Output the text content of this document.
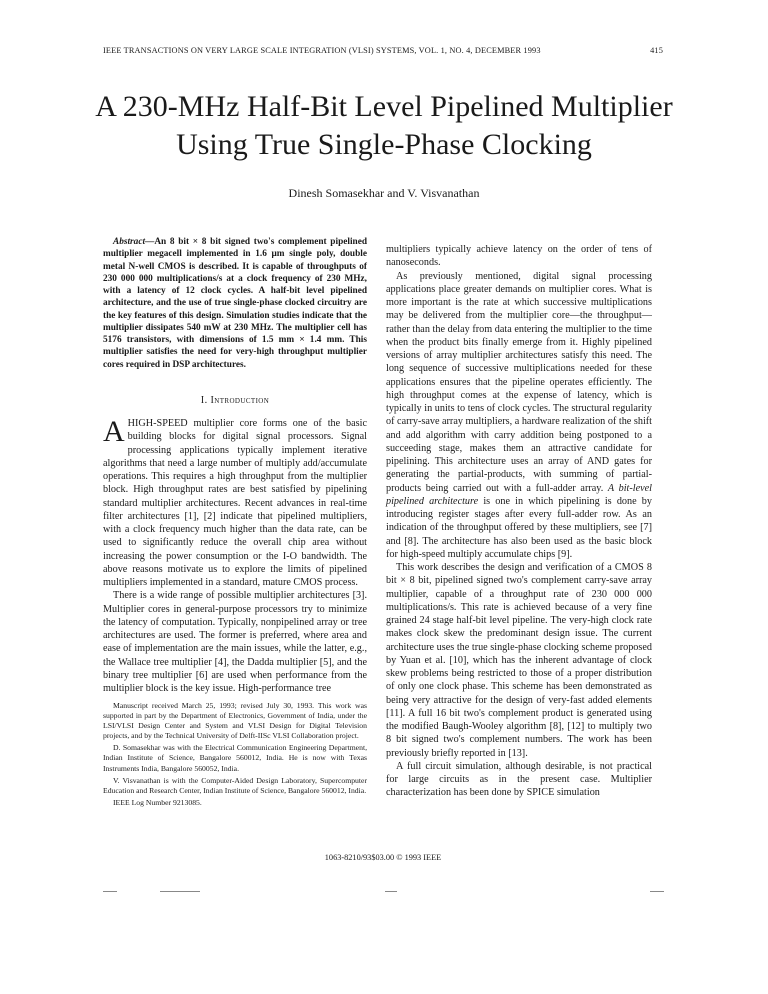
IEEE TRANSACTIONS ON VERY LARGE SCALE INTEGRATION (VLSI) SYSTEMS, VOL. 1, NO. 4, DECEMBER 1993	415
A 230-MHz Half-Bit Level Pipelined Multiplier
Using True Single-Phase Clocking
Dinesh Somasekhar and V. Visvanathan

Abstract—An 8 bit × 8 bit signed two's complement pipelined multiplier megacell implemented in 1.6 μm single poly, double metal N-well CMOS is described. It is capable of throughputs of 230 000 000 multiplications/s at a clock frequency of 230 MHz, with a latency of 12 clock cycles. A half-bit level pipelined architecture, and the use of true single-phase clocked circuitry are the key features of this design. Simulation studies indicate that the multiplier dissipates 540 mW at 230 MHz. The multiplier cell has 5176 transistors, with dimensions of 1.5 mm × 1.4 mm. This multiplier satisfies the need for very-high throughput multiplier cores required in DSP architectures.

I. Introduction

AHIGH-SPEED multiplier core forms one of the basic building blocks for digital signal processors. Signal processing applications typically implement iterative algorithms that need a large number of multiply add/accumulate operations. This requires a high throughput from the multiplier block. High throughput rates are best satisfied by pipelining standard multiplier architectures. Recent advances in real-time filter architectures [1], [2] indicate that pipelined multipliers, with a clock frequency much higher than the data rate, can be used to significantly reduce the overall chip area without increasing the power consumption or the I-O bandwidth. The above reasons motivate us to explore the limits of pipelined multipliers implemented in a standard, mature CMOS process.

There is a wide range of possible multiplier architectures [3]. Multiplier cores in general-purpose processors try to minimize the latency of computation. Typically, nonpipelined array or tree architectures are used. The former is preferred, where area and ease of implementation are the main issues, while the latter, e.g., the Wallace tree multiplier [4], the Dadda multiplier [5], and the binary tree multiplier [6] are used when performance from the multiplier block is the key issue. High-performance tree

Manuscript received March 25, 1993; revised July 30, 1993. This work was supported in part by the Department of Electronics, Government of India, under the LSI/VLSI Design Center and System and VLSI Design for Digital Television projects, and by the Technical University of Delft-IISc VLSI Collaboration project.

D. Somasekhar was with the Electrical Communication Engineering Department, Indian Institute of Science, Bangalore 560012, India. He is now with Texas Instruments India, Bangalore 560052, India.

V. Visvanathan is with the Computer-Aided Design Laboratory, Supercomputer Education and Research Center, Indian Institute of Science, Bangalore 560012, India.

IEEE Log Number 9213085.

multipliers typically achieve latency on the order of tens of nanoseconds.

As previously mentioned, digital signal processing applications place greater demands on multiplier cores. What is more important is the rate at which successive multiplications may be delivered from the multiplier core—the throughput—rather than the delay from data entering the multiplier to the time when the product bits finally emerge from it. Highly pipelined versions of array multiplier architectures satisfy this need. The long sequence of successive multiplications needed for these applications ensures that the pipeline operates efficiently. The high throughput comes at the expense of latency, which is typically in units to tens of clock cycles. The structural regularity of carry-save array multipliers, a hardware realization of the shift and add algorithm with carry addition being postponed to a succeeding stage, makes them an attractive candidate for pipelining. This architecture uses an array of AND gates for generating the partial-products, with summing of partial-products being carried out with a full-adder array. A bit-level pipelined architecture is one in which pipelining is done by introducing register stages after every full-adder row. As an indication of the throughput offered by these multipliers, see [7] and [8]. The architecture has also been used as the basic block for high-speed multiply accumulate chips [9].

This work describes the design and verification of a CMOS 8 bit × 8 bit, pipelined signed two's complement carry-save array multiplier, capable of a throughput rate of 230 000 000 multiplications/s. This rate is achieved because of a very fine grained 24 stage half-bit level pipeline. The very-high clock rate makes clock skew the predominant design issue. The current architecture uses the true single-phase clocking scheme proposed by Yuan et al. [10], which has the inherent advantage of clock skew problems being restricted to those of a proper distribution of only one clock phase. This scheme has been demonstrated as being very attractive for the design of very-fast added elements [11]. A full 16 bit two's complement product is generated using the modified Baugh-Wooley algorithm [8], [12] to multiply two 8 bit signed two's complement numbers. The work has been previously briefly reported in [13].

A full circuit simulation, although desirable, is not practical for large circuits as in the present case. Multiplier characterization has been done by SPICE simulation

1063-8210/93$03.00 © 1993 IEEE
